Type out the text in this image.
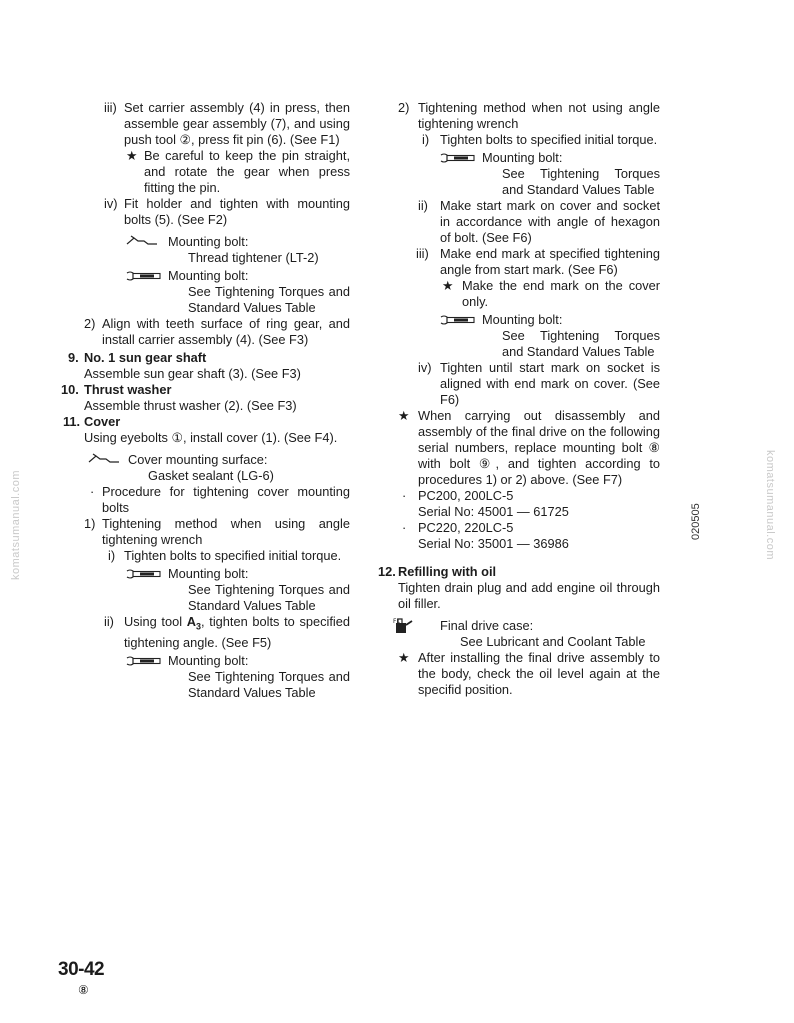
iii) Set carrier assembly (4) in press, then assemble gear assembly (7), and using push tool ②, press fit pin (6). (See F1)
★ Be careful to keep the pin straight, and rotate the gear when press fitting the pin.
iv) Fit holder and tighten with mounting bolts (5). (See F2)
Mounting bolt:
Thread tightener (LT-2)
Mounting bolt:
See Tightening Torques and Standard Values Table
2) Align with teeth surface of ring gear, and install carrier assembly (4). (See F3)
9. No. 1 sun gear shaft
Assemble sun gear shaft (3). (See F3)
10. Thrust washer
Assemble thrust washer (2). (See F3)
11. Cover
Using eyebolts ①, install cover (1). (See F4).
Cover mounting surface:
Gasket sealant (LG-6)
· Procedure for tightening cover mounting bolts
1) Tightening method when using angle tightening wrench
i) Tighten bolts to specified initial torque.
Mounting bolt:
See Tightening Torques and Standard Values Table
ii) Using tool $A_3$, tighten bolts to specified tightening angle. (See F5)
Mounting bolt:
See Tightening Torques and Standard Values Table
2) Tightening method when not using angle tightening wrench
i) Tighten bolts to specified initial torque.
Mounting bolt:
See Tightening Torques and Standard Values Table
ii) Make start mark on cover and socket in accordance with angle of hexagon of bolt. (See F6)
iii) Make end mark at specified tightening angle from start mark. (See F6)
★ Make the end mark on the cover only.
Mounting bolt:
See Tightening Torques and Standard Values Table
iv) Tighten until start mark on socket is aligned with end mark on cover. (See F6)
★ When carrying out disassembly and assembly of the final drive on the following serial numbers, replace mounting bolt ⑧ with bolt ⑨, and tighten according to procedures 1) or 2) above. (See F7)
· PC200, 200LC-5
Serial No: 45001 — 61725
· PC220, 220LC-5
Serial No: 35001 — 36986
12. Refilling with oil
Tighten drain plug and add engine oil through oil filler.
FL	Final drive case:
See Lubricant and Coolant Table
★ After installing the final drive assembly to the body, check the oil level again at the specifid position.
020505
komatsumanual.com	komatsumanual.com
30-42
⑧
